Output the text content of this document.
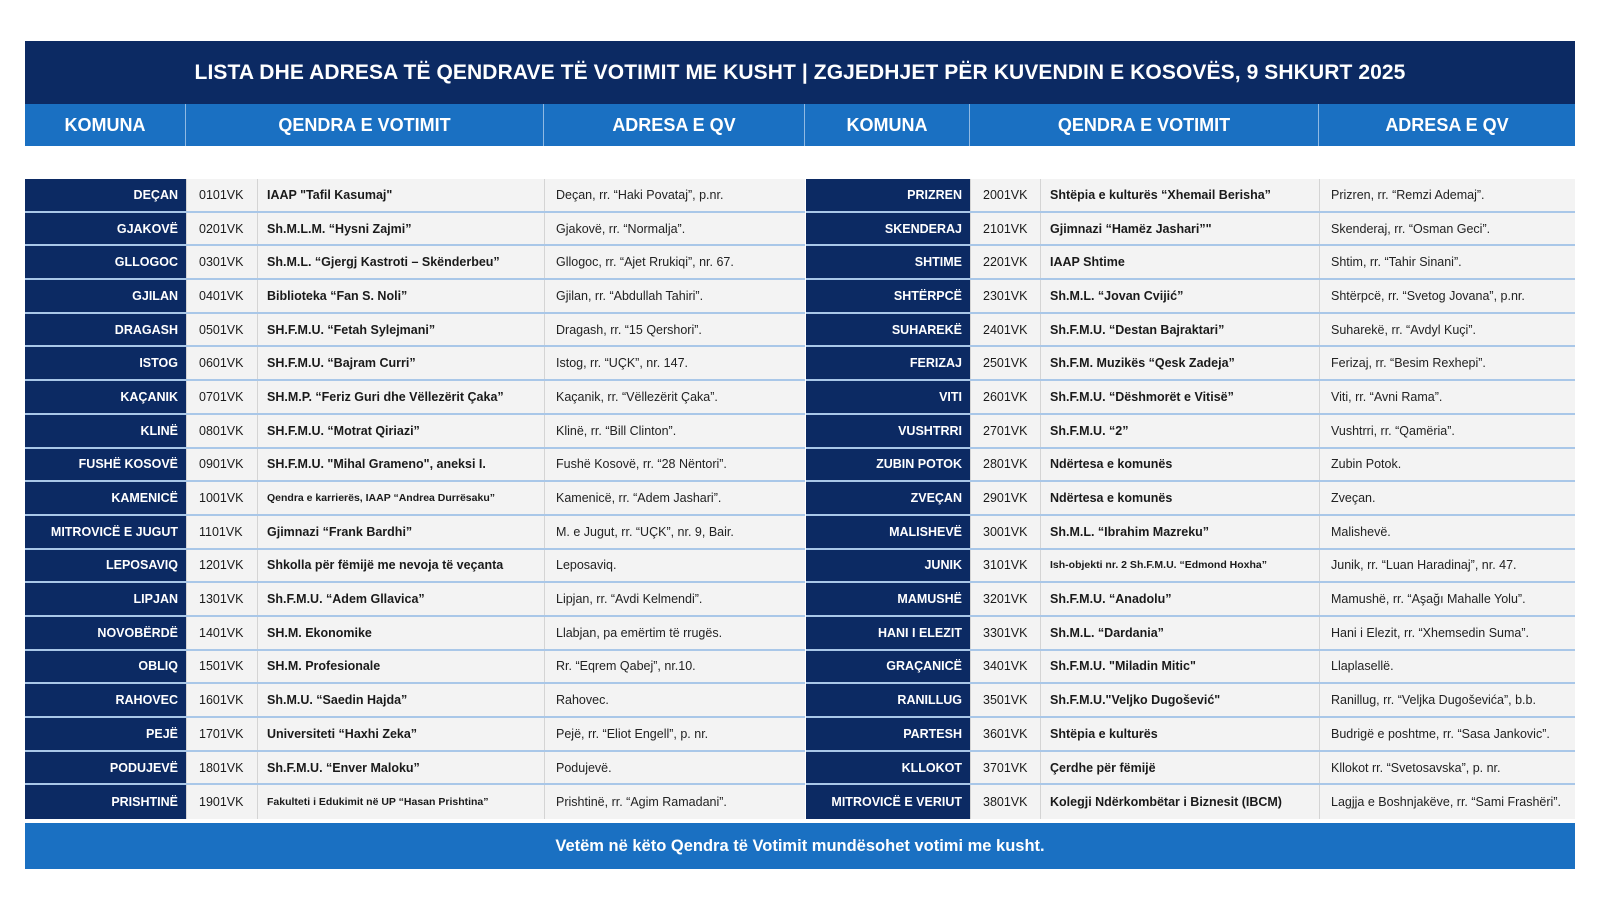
LISTA DHE ADRESA TË QENDRAVE TË VOTIMIT ME KUSHT | ZGJEDHJET PËR KUVENDIN E KOSOVËS, 9 SHKURT 2025
KOMUNA	QENDRA E VOTIMIT	ADRESA E QV	KOMUNA	QENDRA E VOTIMIT	ADRESA E QV
DEÇAN	0101VK	IAAP "Tafil Kasumaj"	Deçan, rr. “Haki Povataj”, p.nr.
GJAKOVË	0201VK	Sh.M.L.M. “Hysni Zajmi”	Gjakovë, rr. “Normalja”.
GLLOGOC	0301VK	Sh.M.L. “Gjergj Kastroti – Skënderbeu”	Gllogoc, rr. “Ajet Rrukiqi”, nr. 67.
GJILAN	0401VK	Biblioteka “Fan S. Noli”	Gjilan, rr. “Abdullah Tahiri”.
DRAGASH	0501VK	SH.F.M.U. “Fetah Sylejmani”	Dragash, rr. “15 Qershori”.
ISTOG	0601VK	SH.F.M.U. “Bajram Curri”	Istog, rr. “UÇK”, nr. 147.
KAÇANIK	0701VK	SH.M.P. “Feriz Guri dhe Vëllezërit Çaka”	Kaçanik, rr. “Vëllezërit Çaka”.
KLINË	0801VK	SH.F.M.U. “Motrat Qiriazi”	Klinë, rr. “Bill Clinton”.
FUSHË KOSOVË	0901VK	SH.F.M.U. "Mihal Grameno", aneksi I.	Fushë Kosovë, rr. “28 Nëntori”.
KAMENICË	1001VK	Qendra e karrierës, IAAP “Andrea Durrësaku”	Kamenicë, rr. “Adem Jashari”.
MITROVICË E JUGUT	1101VK	Gjimnazi “Frank Bardhi”	M. e Jugut, rr. “UÇK”, nr. 9, Bair.
LEPOSAVIQ	1201VK	Shkolla për fëmijë me nevoja të veçanta	Leposaviq.
LIPJAN	1301VK	Sh.F.M.U. “Adem Gllavica”	Lipjan, rr. “Avdi Kelmendi”.
NOVOBËRDË	1401VK	SH.M. Ekonomike	Llabjan, pa emërtim të rrugës.
OBLIQ	1501VK	SH.M. Profesionale	Rr. “Eqrem Qabej”, nr.10.
RAHOVEC	1601VK	Sh.M.U. “Saedin Hajda”	Rahovec.
PEJË	1701VK	Universiteti “Haxhi Zeka”	Pejë, rr. “Eliot Engell”, p. nr.
PODUJEVË	1801VK	Sh.F.M.U. “Enver Maloku”	Podujevë.
PRISHTINË	1901VK	Fakulteti i Edukimit në UP “Hasan Prishtina”	Prishtinë, rr. “Agim Ramadani”.
PRIZREN	2001VK	Shtëpia e kulturës “Xhemail Berisha”	Prizren, rr. “Remzi Ademaj”.
SKENDERAJ	2101VK	Gjimnazi “Hamëz Jashari”"	Skenderaj, rr. “Osman Geci”.
SHTIME	2201VK	IAAP Shtime	Shtim, rr. “Tahir Sinani”.
SHTËRPCË	2301VK	Sh.M.L. “Jovan Cvijić”	Shtërpcë, rr. “Svetog Jovana”, p.nr.
SUHAREKË	2401VK	Sh.F.M.U. “Destan Bajraktari”	Suharekë, rr. “Avdyl Kuçi”.
FERIZAJ	2501VK	Sh.F.M. Muzikës “Qesk Zadeja”	Ferizaj, rr. “Besim Rexhepi”.
VITI	2601VK	Sh.F.M.U. “Dëshmorët e Vitisë”	Viti, rr. “Avni Rama”.
VUSHTRRI	2701VK	Sh.F.M.U. “2”	Vushtrri, rr. “Qamëria”.
ZUBIN POTOK	2801VK	Ndërtesa e komunës	Zubin Potok.
ZVEÇAN	2901VK	Ndërtesa e komunës	Zveçan.
MALISHEVË	3001VK	Sh.M.L. “Ibrahim Mazreku”	Malishevë.
JUNIK	3101VK	Ish-objekti nr. 2 Sh.F.M.U. “Edmond Hoxha”	Junik, rr. “Luan Haradinaj”, nr. 47.
MAMUSHË	3201VK	Sh.F.M.U. “Anadolu”	Mamushë, rr. “Aşağı Mahalle Yolu”.
HANI I ELEZIT	3301VK	Sh.M.L. “Dardania”	Hani i Elezit, rr. “Xhemsedin Suma”.
GRAÇANICË	3401VK	Sh.F.M.U. "Miladin Mitic"	Llaplasellë.
RANILLUG	3501VK	Sh.F.M.U."Veljko Dugošević"	Ranillug, rr. “Veljka Dugoševića”, b.b.
PARTESH	3601VK	Shtëpia e kulturës	Budrigë e poshtme, rr. “Sasa Jankovic”.
KLLOKOT	3701VK	Çerdhe për fëmijë	Kllokot rr. “Svetosavska”, p. nr.
MITROVICË E VERIUT	3801VK	Kolegji Ndërkombëtar i Biznesit (IBCM)	Lagjja e Boshnjakëve, rr. “Sami Frashëri”.
Vetëm në këto Qendra të Votimit mundësohet votimi me kusht.
